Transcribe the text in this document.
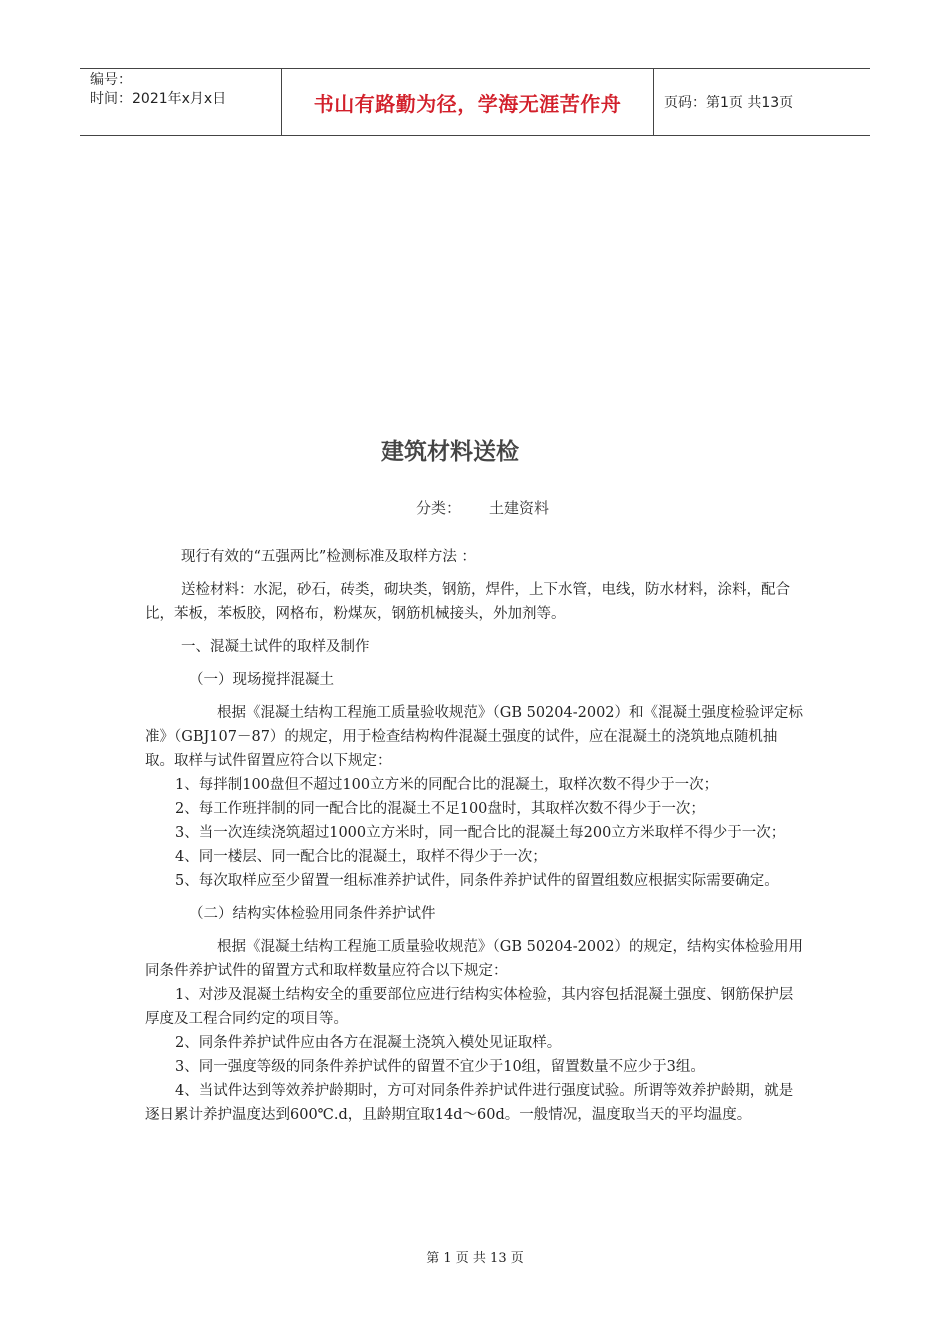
编号：
时间：2021年x月x日	书山有路勤为径，学海无涯苦作舟	页码：第1页 共13页
建筑材料送检
分类： 土建资料

现行有效的“五强两比”检测标准及取样方法 ：

送检材料：水泥，砂石，砖类，砌块类，钢筋，焊件，上下水管，电线，防水材料，涂料，配合比，苯板，苯板胶，网格布，粉煤灰，钢筋机械接头，外加剂等。

一、混凝土试件的取样及制作

（一）现场搅拌混凝土

根据《混凝土结构工程施工质量验收规范》（GB 50204-2002）和《混凝土强度检验评定标准》（GBJ107－87）的规定，用于检查结构构件混凝土强度的试件，应在混凝土的浇筑地点随机抽取。取样与试件留置应符合以下规定：

1、每拌制100盘但不超过100立方米的同配合比的混凝土，取样次数不得少于一次；

2、每工作班拌制的同一配合比的混凝土不足100盘时，其取样次数不得少于一次；

3、当一次连续浇筑超过1000立方米时，同一配合比的混凝土每200立方米取样不得少于一次；

4、同一楼层、同一配合比的混凝土，取样不得少于一次；

5、每次取样应至少留置一组标准养护试件，同条件养护试件的留置组数应根据实际需要确定。

（二）结构实体检验用同条件养护试件

根据《混凝土结构工程施工质量验收规范》（GB 50204-2002）的规定，结构实体检验用用同条件养护试件的留置方式和取样数量应符合以下规定：

1、对涉及混凝土结构安全的重要部位应进行结构实体检验，其内容包括混凝土强度、钢筋保护层厚度及工程合同约定的项目等。

2、同条件养护试件应由各方在混凝土浇筑入模处见证取样。

3、同一强度等级的同条件养护试件的留置不宜少于10组，留置数量不应少于3组。

4、当试件达到等效养护龄期时，方可对同条件养护试件进行强度试验。所谓等效养护龄期，就是逐日累计养护温度达到600℃.d，且龄期宜取14d～60d。一般情况，温度取当天的平均温度。

第 1 页 共 13 页
